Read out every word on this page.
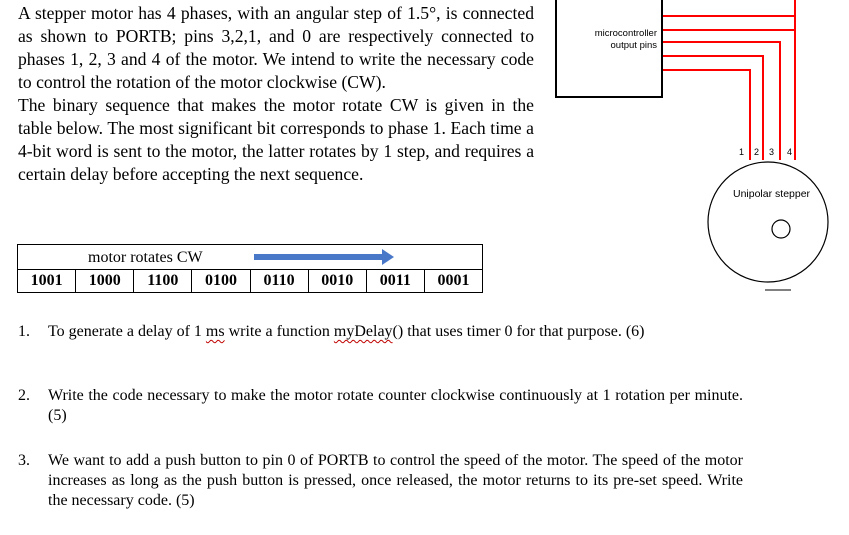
A stepper motor has 4 phases, with an angular step of 1.5°, is connected as shown to PORTB; pins 3,2,1, and 0 are respectively connected to phases 1, 2, 3 and 4 of the motor. We intend to write the necessary code to control the rotation of the motor clockwise (CW).

The binary sequence that makes the motor rotate CW is given in the table below. The most significant bit corresponds to phase 1. Each time a 4-bit word is sent to the motor, the latter rotates by 1 step, and requires a certain delay before accepting the next sequence.

motor rotates CW

1001	1000	1100	0100	0110	0010	0011	0001
1. To generate a delay of 1 ms write a function myDelay() that uses timer 0 for that purpose. (6)
2. Write the code necessary to make the motor rotate counter clockwise continuously at 1 rotation per minute. (5)
3. We want to add a push button to pin 0 of PORTB to control the speed of the motor. The speed of the motor increases as long as the push button is pressed, once released, the motor returns to its pre-set speed. Write the necessary code. (5)
microcontroller
output pins
1 2 3 4
Unipolar stepper
